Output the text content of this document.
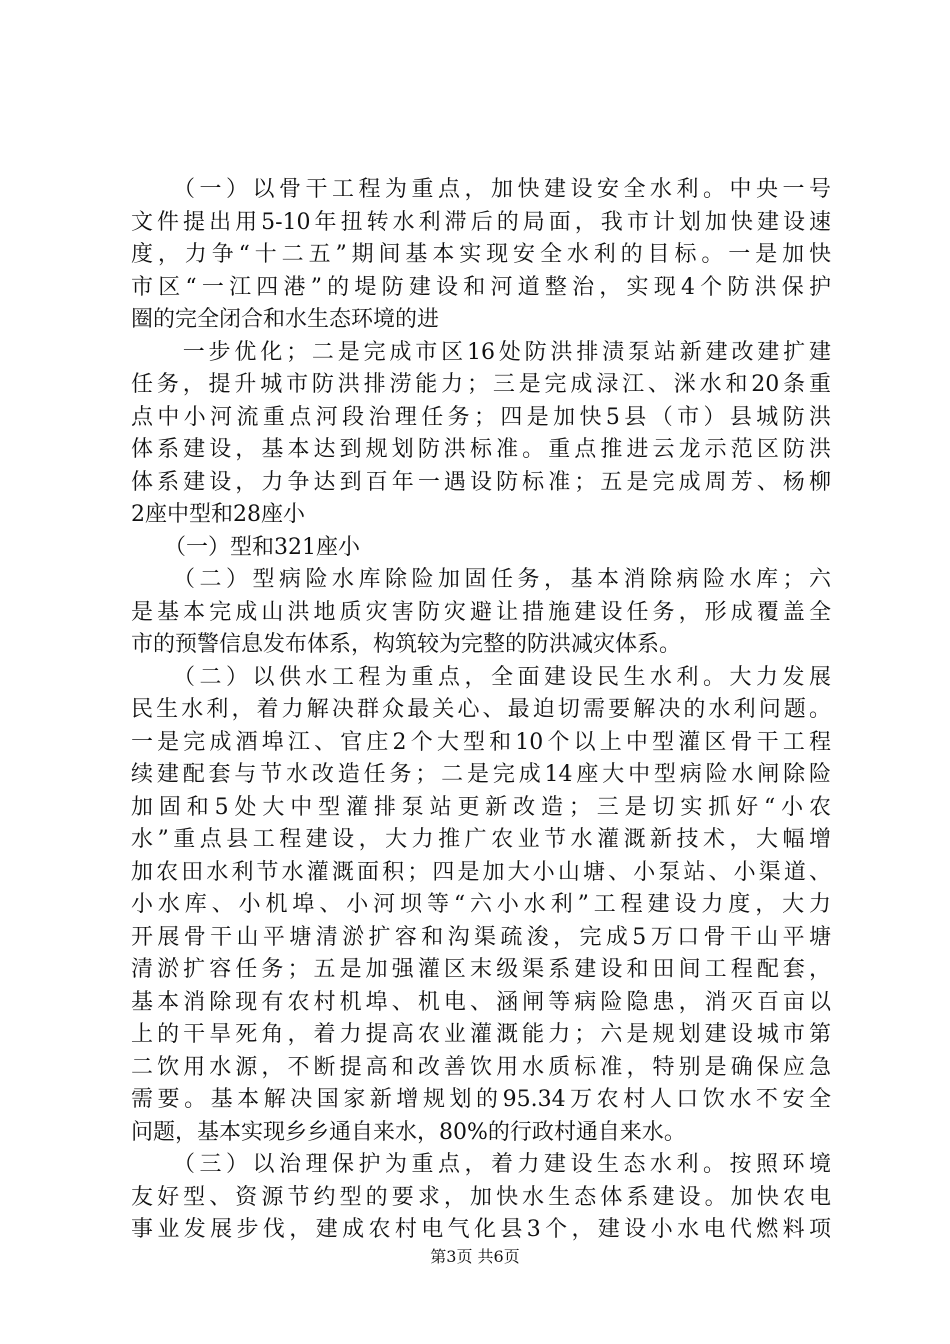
　　（一）以骨干工程为重点，加快建设安全水利。中央一号
文件提出用5-10年扭转水利滞后的局面，我市计划加快建设速
度，力争“十二五”期间基本实现安全水利的目标。一是加快
市区“一江四港”的堤防建设和河道整治，实现4个防洪保护
圈的完全闭合和水生态环境的进
　　一步优化；二是完成市区16处防洪排渍泵站新建改建扩建
任务，提升城市防洪排涝能力；三是完成渌江、洣水和20条重
点中小河流重点河段治理任务；四是加快5县（市）县城防洪
体系建设，基本达到规划防洪标准。重点推进云龙示范区防洪
体系建设，力争达到百年一遇设防标准；五是完成周芳、杨柳
2座中型和28座小
　　（一）型和321座小
　　（二）型病险水库除险加固任务，基本消除病险水库；六
是基本完成山洪地质灾害防灾避让措施建设任务，形成覆盖全
市的预警信息发布体系，构筑较为完整的防洪减灾体系。
　　（二）以供水工程为重点，全面建设民生水利。大力发展
民生水利，着力解决群众最关心、最迫切需要解决的水利问题。
一是完成酒埠江、官庄2个大型和10个以上中型灌区骨干工程
续建配套与节水改造任务；二是完成14座大中型病险水闸除险
加固和5处大中型灌排泵站更新改造；三是切实抓好“小农
水”重点县工程建设，大力推广农业节水灌溉新技术，大幅增
加农田水利节水灌溉面积；四是加大小山塘、小泵站、小渠道、
小水库、小机埠、小河坝等“六小水利”工程建设力度，大力
开展骨干山平塘清淤扩容和沟渠疏浚，完成5万口骨干山平塘
清淤扩容任务；五是加强灌区末级渠系建设和田间工程配套，
基本消除现有农村机埠、机电、涵闸等病险隐患，消灭百亩以
上的干旱死角，着力提高农业灌溉能力；六是规划建设城市第
二饮用水源，不断提高和改善饮用水质标准，特别是确保应急
需要。基本解决国家新增规划的95.34万农村人口饮水不安全
问题，基本实现乡乡通自来水，80%的行政村通自来水。
　　（三）以治理保护为重点，着力建设生态水利。按照环境
友好型、资源节约型的要求，加快水生态体系建设。加快农电
事业发展步伐，建成农村电气化县3个，建设小水电代燃料项
第3页 共6页
